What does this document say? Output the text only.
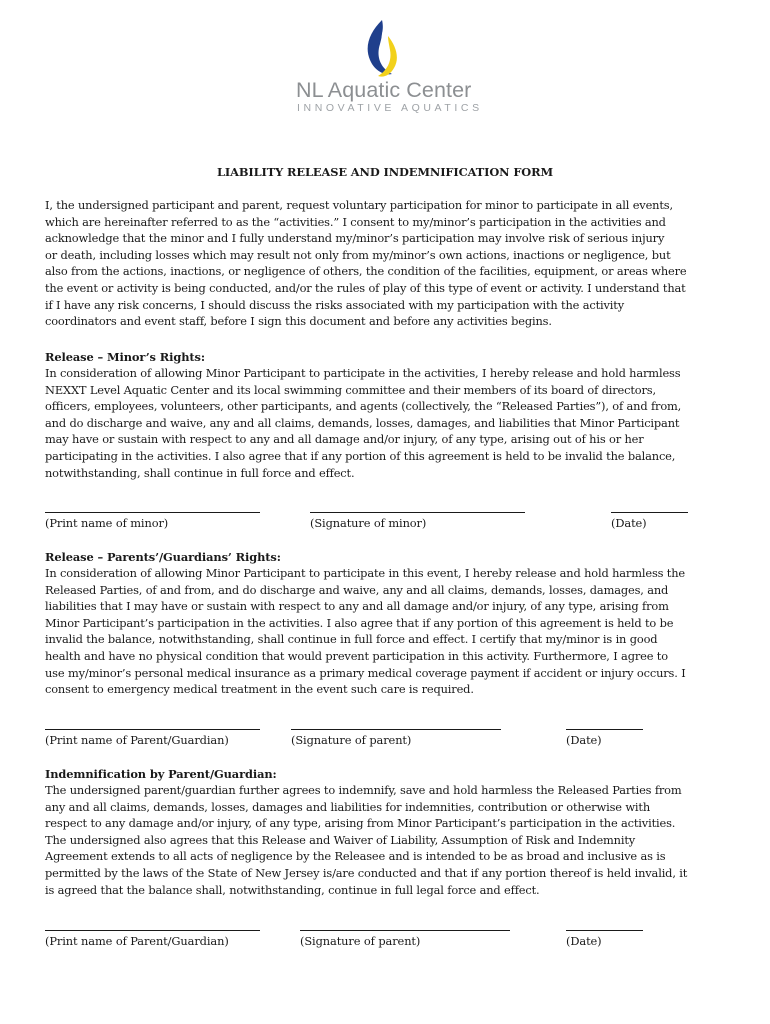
NL Aquatic Center
INNOVATIVE AQUATICS
LIABILITY RELEASE AND INDEMNIFICATION FORM
I, the undersigned participant and parent, request voluntary participation for minor to participate in all events,
which are hereinafter referred to as the “activities.” I consent to my/minor’s participation in the activities and
acknowledge that the minor and I fully understand my/minor’s participation may involve risk of serious injury
or death, including losses which may result not only from my/minor’s own actions, inactions or negligence, but
also from the actions, inactions, or negligence of others, the condition of the facilities, equipment, or areas where
the event or activity is being conducted, and/or the rules of play of this type of event or activity. I understand that
if I have any risk concerns, I should discuss the risks associated with my participation with the activity
coordinators and event staff, before I sign this document and before any activities begins.
Release – Minor’s Rights:
In consideration of allowing Minor Participant to participate in the activities, I hereby release and hold harmless
NEXXT Level Aquatic Center and its local swimming committee and their members of its board of directors,
officers, employees, volunteers, other participants, and agents (collectively, the “Released Parties”), of and from,
and do discharge and waive, any and all claims, demands, losses, damages, and liabilities that Minor Participant
may have or sustain with respect to any and all damage and/or injury, of any type, arising out of his or her
participating in the activities. I also agree that if any portion of this agreement is held to be invalid the balance,
notwithstanding, shall continue in full force and effect.
(Print name of minor)	(Signature of minor)	(Date)
Release – Parents’/Guardians’ Rights:
In consideration of allowing Minor Participant to participate in this event, I hereby release and hold harmless the
Released Parties, of and from, and do discharge and waive, any and all claims, demands, losses, damages, and
liabilities that I may have or sustain with respect to any and all damage and/or injury, of any type, arising from
Minor Participant’s participation in the activities. I also agree that if any portion of this agreement is held to be
invalid the balance, notwithstanding, shall continue in full force and effect. I certify that my/minor is in good
health and have no physical condition that would prevent participation in this activity. Furthermore, I agree to
use my/minor’s personal medical insurance as a primary medical coverage payment if accident or injury occurs. I
consent to emergency medical treatment in the event such care is required.
(Print name of Parent/Guardian)	(Signature of parent)	(Date)
Indemnification by Parent/Guardian:
The undersigned parent/guardian further agrees to indemnify, save and hold harmless the Released Parties from
any and all claims, demands, losses, damages and liabilities for indemnities, contribution or otherwise with
respect to any damage and/or injury, of any type, arising from Minor Participant’s participation in the activities.
The undersigned also agrees that this Release and Waiver of Liability, Assumption of Risk and Indemnity
Agreement extends to all acts of negligence by the Releasee and is intended to be as broad and inclusive as is
permitted by the laws of the State of New Jersey is/are conducted and that if any portion thereof is held invalid, it
is agreed that the balance shall, notwithstanding, continue in full legal force and effect.
(Print name of Parent/Guardian)	(Signature of parent)	(Date)
